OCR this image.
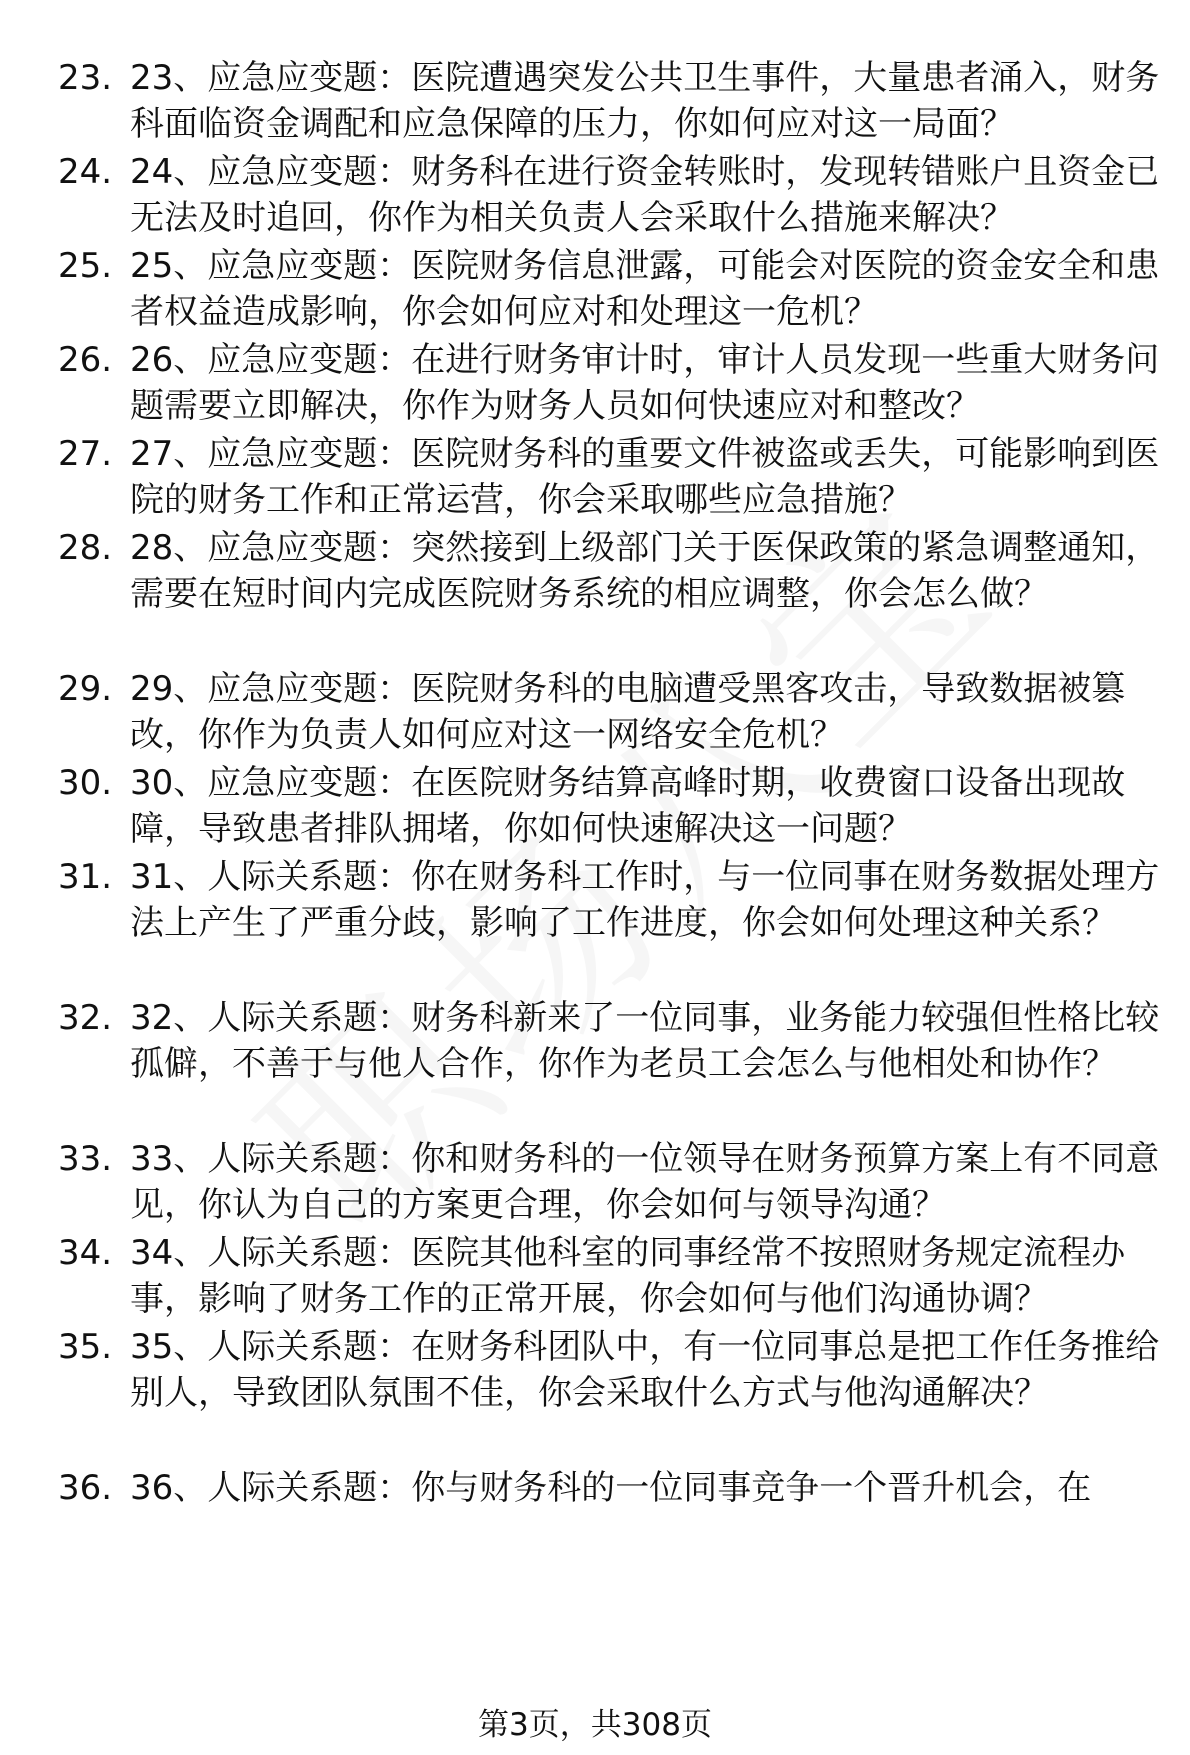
23. 23、应急应变题：医院遭遇突发公共卫生事件，大量患者涌入，财务科面临资金调配和应急保障的压力，你如何应对这一局面？
24. 24、应急应变题：财务科在进行资金转账时，发现转错账户且资金已无法及时追回，你作为相关负责人会采取什么措施来解决？
25. 25、应急应变题：医院财务信息泄露，可能会对医院的资金安全和患者权益造成影响，你会如何应对和处理这一危机？
26. 26、应急应变题：在进行财务审计时，审计人员发现一些重大财务问题需要立即解决，你作为财务人员如何快速应对和整改？
27. 27、应急应变题：医院财务科的重要文件被盗或丢失，可能影响到医院的财务工作和正常运营，你会采取哪些应急措施？
28. 28、应急应变题：突然接到上级部门关于医保政策的紧急调整通知，需要在短时间内完成医院财务系统的相应调整，你会怎么做？
29. 29、应急应变题：医院财务科的电脑遭受黑客攻击，导致数据被篡改，你作为负责人如何应对这一网络安全危机？
30. 30、应急应变题：在医院财务结算高峰时期，收费窗口设备出现故障，导致患者排队拥堵，你如何快速解决这一问题？
31. 31、人际关系题：你在财务科工作时，与一位同事在财务数据处理方法上产生了严重分歧，影响了工作进度，你会如何处理这种关系？
32. 32、人际关系题：财务科新来了一位同事，业务能力较强但性格比较孤僻，不善于与他人合作，你作为老员工会怎么与他相处和协作？
33. 33、人际关系题：你和财务科的一位领导在财务预算方案上有不同意见，你认为自己的方案更合理，你会如何与领导沟通？
34. 34、人际关系题：医院其他科室的同事经常不按照财务规定流程办事，影响了财务工作的正常开展，你会如何与他们沟通协调？
35. 35、人际关系题：在财务科团队中，有一位同事总是把工作任务推给别人，导致团队氛围不佳，你会采取什么方式与他沟通解决？
36. 36、人际关系题：你与财务科的一位同事竞争一个晋升机会，在
第3页，共308页
